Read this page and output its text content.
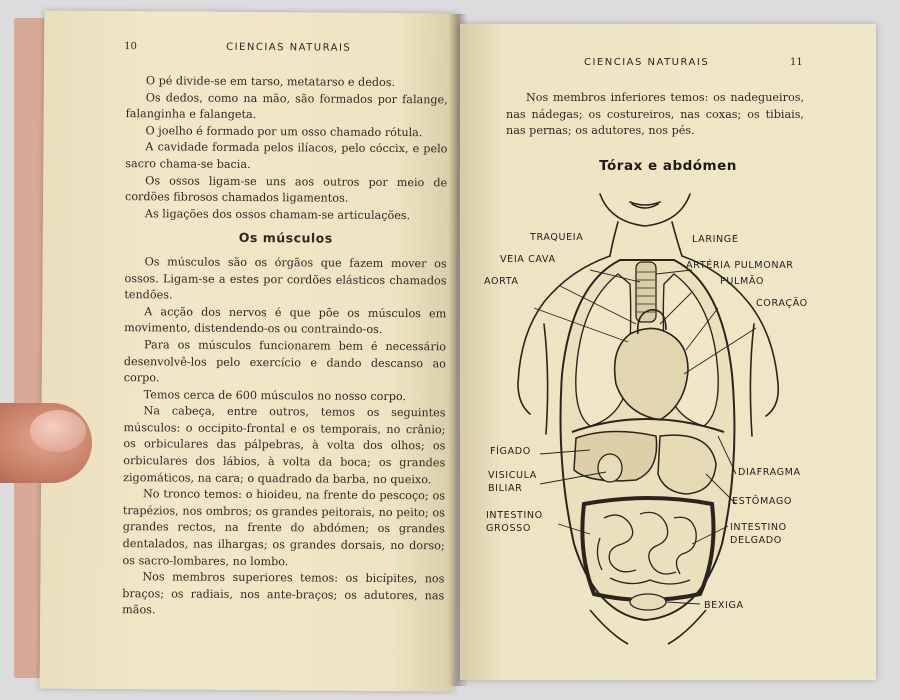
10	CIENCIAS NATURAIS

O pé divide-se em tarso, metatarso e dedos.

Os dedos, como na mão, são formados por falange, falanginha e falangeta.

O joelho é formado por um osso chamado rótula.

A cavidade formada pelos ilíacos, pelo cóccix, e pelo sacro chama-se bacia.

Os ossos ligam-se uns aos outros por meio de cordões fibrosos chamados ligamentos.

As ligações dos ossos chamam-se articulações.

Os músculos

Os músculos são os órgãos que fazem mover os ossos. Ligam-se a estes por cordões elásticos chamados tendões.

A acção dos nervos é que põe os músculos em movimento, distendendo-os ou contraindo-os.

Para os músculos funcionarem bem é necessário desenvolvê-los pelo exercício e dando descanso ao corpo.

Temos cerca de 600 músculos no nosso corpo.

Na cabeça, entre outros, temos os seguintes músculos: o occipito-frontal e os temporais, no crânio; os orbiculares das pálpebras, à volta dos olhos; os orbiculares dos lábios, à volta da boca; os grandes zigomáticos, na cara; o quadrado da barba, no queixo.

No tronco temos: o hioideu, na frente do pescoço; os trapézios, nos ombros; os grandes peitorais, no peito; os grandes rectos, na frente do abdómen; os grandes dentalados, nas ilhargas; os grandes dorsais, no dorso; os sacro-lombares, no lombo.

Nos membros superiores temos: os bicípites, nos braços; os radiais, nos ante-braços; os adutores, nas mãos.

CIENCIAS NATURAIS	11

Nos membros inferiores temos: os nadegueiros, nas nádegas; os costureiros, nas coxas; os tibiais, nas pernas; os adutores, nos pés.

Tórax e abdómen
TRAQUEIA	LARINGE
VEIA CAVA
ARTÉRIA PULMONAR
AORTA	PULMÃO
CORAÇÃO
FÍGADO
VISICULA
BILIAR
DIAFRAGMA
ESTÔMAGO
INTESTINO
GROSSO	INTESTINO
DELGADO
BEXIGA
